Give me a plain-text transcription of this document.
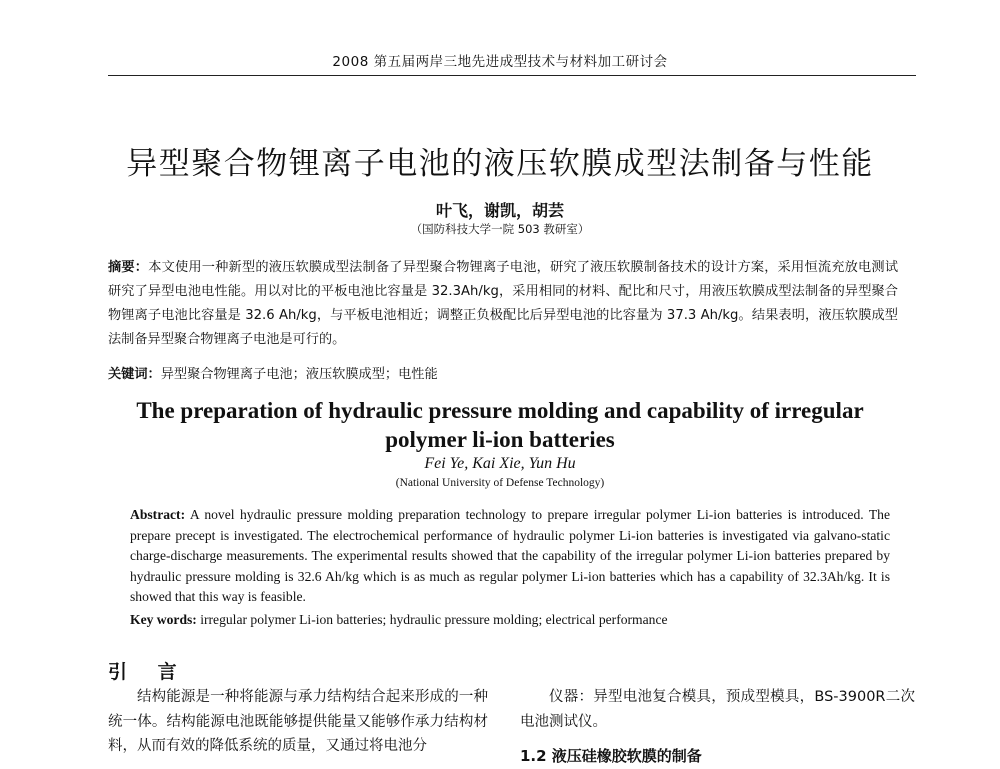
2008 第五届两岸三地先进成型技术与材料加工研讨会
异型聚合物锂离子电池的液压软膜成型法制备与性能
叶飞，谢凯，胡芸
（国防科技大学一院 503 教研室）
摘要：本文使用一种新型的液压软膜成型法制备了异型聚合物锂离子电池，研究了液压软膜制备技术的设计方案，采用恒流充放电测试研究了异型电池电性能。用以对比的平板电池比容量是 32.3Ah/kg，采用相同的材料、配比和尺寸，用液压软膜成型法制备的异型聚合物锂离子电池比容量是 32.6 Ah/kg，与平板电池相近；调整正负极配比后异型电池的比容量为 37.3 Ah/kg。结果表明，液压软膜成型法制备异型聚合物锂离子电池是可行的。
关键词：异型聚合物锂离子电池；液压软膜成型；电性能
The preparation of hydraulic pressure molding and capability of irregular polymer li-ion batteries
Fei Ye, Kai Xie, Yun Hu
(National University of Defense Technology)
Abstract: A novel hydraulic pressure molding preparation technology to prepare irregular polymer Li-ion batteries is introduced. The prepare precept is investigated. The electrochemical performance of hydraulic polymer Li-ion batteries is investigated via galvano-static charge-discharge measurements. The experimental results showed that the capability of the irregular polymer Li-ion batteries prepared by hydraulic pressure molding is 32.6 Ah/kg which is as much as regular polymer Li-ion batteries which has a capability of 32.3Ah/kg. It is showed that this way is feasible.
Key words: irregular polymer Li-ion batteries; hydraulic pressure molding; electrical performance
引 言

结构能源是一种将能源与承力结构结合起来形成的一种统一体。结构能源电池既能够提供能量又能够作承力结构材料，从而有效的降低系统的质量，又通过将电池分

仪器：异型电池复合模具，预成型模具，BS-3900R二次电池测试仪。

1.2 液压硅橡胶软膜的制备
